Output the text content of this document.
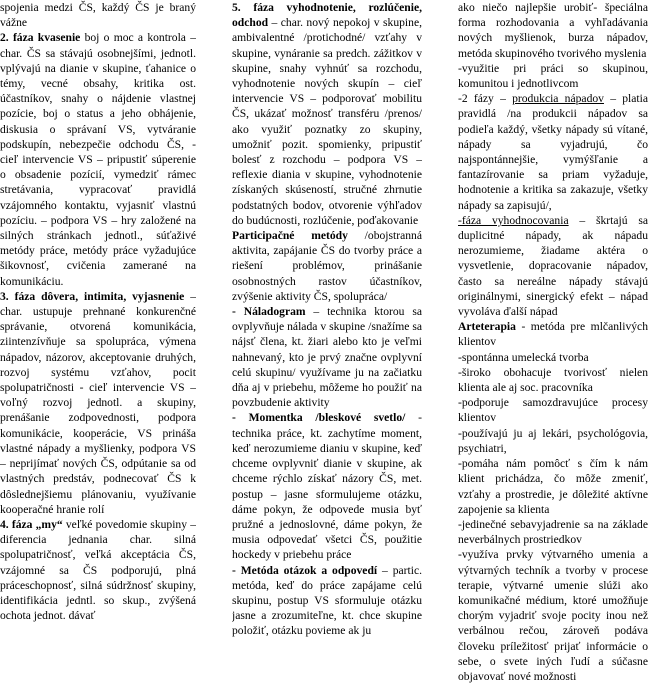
spojenia medzi ČS, každý ČS je braný vážne

2. fáza kvasenie boj o moc a kontrola – char. ČS sa stávajú osobnejšími, jednotl. vplývajú na dianie v skupine, ťahanice o témy, vecné obsahy, kritika ost. účastníkov, snahy o nájdenie vlastnej pozície, boj o status a jeho obhájenie, diskusia o správaní VS, vytváranie podskupín, nebezpečie odchodu ČS, - cieľ intervencie VS – pripustiť súperenie o obsadenie pozícií, vymedziť rámec stretávania, vypracovať pravidlá vzájomného kontaktu, vyjasniť vlastnú pozíciu. – podpora VS – hry založené na silných stránkach jednotl., súťaživé metódy práce, metódy práce vyžadujúce šikovnosť, cvičenia zamerané na komunikáciu.

3. fáza dôvera, intimita, vyjasnenie – char. ustupuje prehnané konkurenčné správanie, otvorená komunikácia, ziintenzívňuje sa spolupráca, výmena nápadov, názorov, akceptovanie druhých, rozvoj systému vzťahov, pocit spolupatričnosti - cieľ intervencie VS – voľný rozvoj jednotl. a skupiny, prenášanie zodpovednosti, podpora komunikácie, kooperácie, VS prináša vlastné nápady a myšlienky, podpora VS – neprijímať nových ČS, odpútanie sa od vlastných predstáv, podnecovať ČS k dôslednejšiemu plánovaniu, využívanie kooperačné hranie rolí

4. fáza „my“ veľké povedomie skupiny – diferencia jednania char. silná spolupatričnosť, veľká akceptácia ČS, vzájomné sa ČS podporujú, plná práceschopnosť, silná súdržnosť skupiny, identifikácia jedntl. so skup., zvýšená ochota jednot. dávať

5. fáza vyhodnotenie, rozlúčenie, odchod – char. nový nepokoj v skupine, ambivalentné /protichodné/ vzťahy v skupine, vynáranie sa predch. zážitkov v skupine, snahy vyhnúť sa rozchodu, vyhodnotenie nových skupín – cieľ intervencie VS – podporovať mobilitu ČS, ukázať možnosť transféru /prenos/ ako využiť poznatky zo skupiny, umožniť pozit. spomienky, pripustiť bolesť z rozchodu – podpora VS – reflexie diania v skupine, vyhodnotenie získaných skúseností, stručné zhrnutie podstatných bodov, otvorenie výhľadov do budúcnosti, rozlúčenie, poďakovanie

Participačné metódy /obojstranná aktivita, zapájanie ČS do tvorby práce a riešení problémov, prinášanie osobnostných rastov účastníkov, zvýšenie aktivity ČS, spolupráca/

- Náladogram – technika ktorou sa ovplyvňuje nálada v skupine /snažíme sa nájsť člena, kt. žiari alebo kto je veľmi nahnevaný, kto je prvý značne ovplyvní celú skupinu/ využívame ju na začiatku dňa aj v priebehu, môžeme ho použiť na povzbudenie aktivity

- Momentka /bleskové svetlo/ - technika práce, kt. zachytíme moment, keď nerozumieme dianiu v skupine, keď chceme ovplyvniť dianie v skupine, ak chceme rýchlo získať názory ČS, met. postup – jasne sformulujeme otázku, dáme pokyn, že odpovede musia byť pružné a jednoslovné, dáme pokyn, že musia odpovedať všetci ČS, použitie hockedy v priebehu práce

- Metóda otázok a odpovedí – partic. metóda, keď do práce zapájame celú skupinu, postup VS sformuluje otázku jasne a zrozumiteľne, kt. chce skupine položiť, otázku povieme ak ju

ako niečo najlepšie urobiť- špeciálna forma rozhodovania a vyhľadávania nových myšlienok, burza nápadov, metóda skupinového tvorivého myslenia

-využitie pri práci so skupinou, komunitou i jednotlivcom

-2 fázy – produkcia nápadov – platia pravidlá /na produkcii nápadov sa podieľa každý, všetky nápady sú vítané, nápady sa vyjadrujú, čo najspontánnejšie, vymýšľanie a fantazírovanie sa priam vyžaduje, hodnotenie a kritika sa zakazuje, všetky nápady sa zapisujú/,

-fáza vyhodnocovania – škrtajú sa duplicitné nápady, ak nápadu nerozumieme, žiadame aktéra o vysvetlenie, dopracovanie nápadov, často sa nereálne nápady stávajú originálnymi, sinergický efekt – nápad vyvoláva ďalší nápad

Arteterapia - metóda pre mlčanlivých klientov

-spontánna umelecká tvorba

-široko obohacuje tvorivosť nielen klienta ale aj soc. pracovníka

-podporuje samozdravujúce procesy klientov

-používajú ju aj lekári, psychológovia, psychiatri,

-pomáha nám pomôcť s čím k nám klient prichádza, čo môže zmeniť, vzťahy a prostredie, je dôležité aktívne zapojenie sa klienta

-jedinečné sebavyjadrenie sa na základe neverbálnych prostriedkov

-využíva prvky výtvarného umenia a výtvarných techník a tvorby v procese terapie, výtvarné umenie slúži ako komunikačné médium, ktoré umožňuje chorým vyjadriť svoje pocity inou než verbálnou rečou, zároveň podáva človeku príležitosť prijať informácie o sebe, o svete iných ľudí a súčasne objavovať nové možnosti
